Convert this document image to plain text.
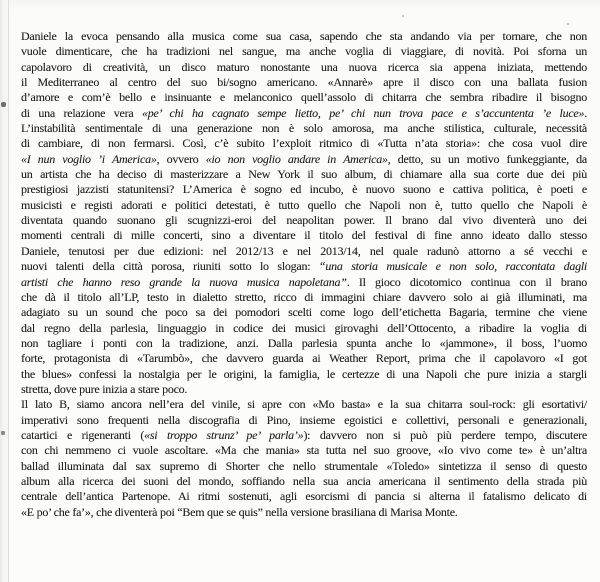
Daniele la evoca pensando alla musica come sua casa, sapendo che sta andando via per tornare, che non
vuole dimenticare, che ha tradizioni nel sangue, ma anche voglia di viaggiare, di novità. Poi sforna un
capolavoro di creatività, un disco maturo nonostante una nuova ricerca sia appena iniziata, mettendo
il Mediterraneo al centro del suo bi/sogno americano. «Annarè» apre il disco con una ballata fusion
d’amore e com’è bello e insinuante e melanconico quell’assolo di chitarra che sembra ribadire il bisogno
di una relazione vera «pe’ chi ha cagnato sempe lietto, pe’ chi nun trova pace e s’accuntenta ’e luce».
L’instabilità sentimentale di una generazione non è solo amorosa, ma anche stilistica, culturale, necessità
di cambiare, di non fermarsi. Così, c’è subito l’exploit ritmico di «Tutta n’ata storia»: che cosa vuol dire
«I nun voglio ’i America», ovvero «io non voglio andare in America», detto, su un motivo funkeggiante, da
un artista che ha deciso di masterizzare a New York il suo album, di chiamare alla sua corte due dei più
prestigiosi jazzisti statunitensi? L’America è sogno ed incubo, è nuovo suono e cattiva politica, è poeti e
musicisti e registi adorati e politici detestati, è tutto quello che Napoli non è, tutto quello che Napoli è
diventata quando suonano gli scugnizzi-eroi del neapolitan power. Il brano dal vivo diventerà uno dei
momenti centrali di mille concerti, sino a diventare il titolo del festival di fine anno ideato dallo stesso
Daniele, tenutosi per due edizioni: nel 2012/13 e nel 2013/14, nel quale radunò attorno a sé vecchi e
nuovi talenti della città porosa, riuniti sotto lo slogan: “una storia musicale e non solo, raccontata dagli
artisti che hanno reso grande la nuova musica napoletana”. Il gioco dicotomico continua con il brano
che dà il titolo all’LP, testo in dialetto stretto, ricco di immagini chiare davvero solo ai già illuminati, ma
adagiato su un sound che poco sa dei pomodori scelti come logo dell’etichetta Bagaria, termine che viene
dal regno della parlesia, linguaggio in codice dei musici girovaghi dell’Ottocento, a ribadire la voglia di
non tagliare i ponti con la tradizione, anzi. Dalla parlesia spunta anche lo «jammone», il boss, l’uomo
forte, protagonista di «Tarumbò», che davvero guarda ai Weather Report, prima che il capolavoro «I got
the blues» confessi la nostalgia per le origini, la famiglia, le certezze di una Napoli che pure inizia a stargli
stretta, dove pure inizia a stare poco.
Il lato B, siamo ancora nell’era del vinile, si apre con «Mo basta» e la sua chitarra soul-rock: gli esortativi/
imperativi sono frequenti nella discografia di Pino, insieme egoistici e collettivi, personali e generazionali,
catartici e rigeneranti («si troppo strunz’ pe’ parla’»): davvero non si può più perdere tempo, discutere
con chi nemmeno ci vuole ascoltare. «Ma che mania» sta tutta nel suo groove, «Io vivo come te» è un’altra
ballad illuminata dal sax supremo di Shorter che nello strumentale «Toledo» sintetizza il senso di questo
album alla ricerca dei suoni del mondo, soffiando nella sua ancia americana il sentimento della strada più
centrale dell’antica Partenope. Ai ritmi sostenuti, agli esorcismi di pancia si alterna il fatalismo delicato di
«E po’ che fa’», che diventerà poi “Bem que se quis” nella versione brasiliana di Marisa Monte.
